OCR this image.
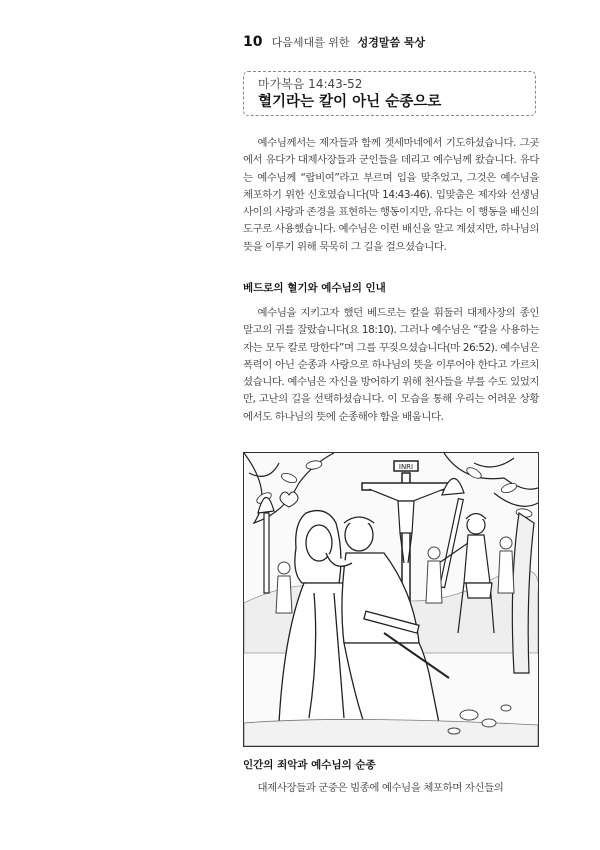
10 다음세대를 위한 성경말씀 묵상
마가복음 14:43-52
혈기라는 칼이 아닌 순종으로

예수님께서는 제자들과 함께 겟세마네에서 기도하셨습니다. 그곳에서 유다가 대제사장들과 군인들을 데리고 예수님께 왔습니다. 유다는 예수님께 “랍비여”라고 부르며 입을 맞추었고, 그것은 예수님을 체포하기 위한 신호였습니다(막 14:43-46). 입맞춤은 제자와 선생님 사이의 사랑과 존경을 표현하는 행동이지만, 유다는 이 행동을 배신의 도구로 사용했습니다. 예수님은 이런 배신을 알고 계셨지만, 하나님의 뜻을 이루기 위해 묵묵히 그 길을 걸으셨습니다.

베드로의 혈기와 예수님의 인내

예수님을 지키고자 했던 베드로는 칼을 휘둘러 대제사장의 종인 말고의 귀를 잘랐습니다(요 18:10). 그러나 예수님은 “칼을 사용하는 자는 모두 칼로 망한다”며 그를 꾸짖으셨습니다(마 26:52). 예수님은 폭력이 아닌 순종과 사랑으로 하나님의 뜻을 이루어야 한다고 가르치셨습니다. 예수님은 자신을 방어하기 위해 천사들을 부를 수도 있었지만, 고난의 길을 선택하셨습니다. 이 모습을 통해 우리는 어려운 상황에서도 하나님의 뜻에 순종해야 함을 배웁니다.

INRI
인간의 죄악과 예수님의 순종

대제사장들과 군중은 빔종에 예수님을 체포하며 자신들의
